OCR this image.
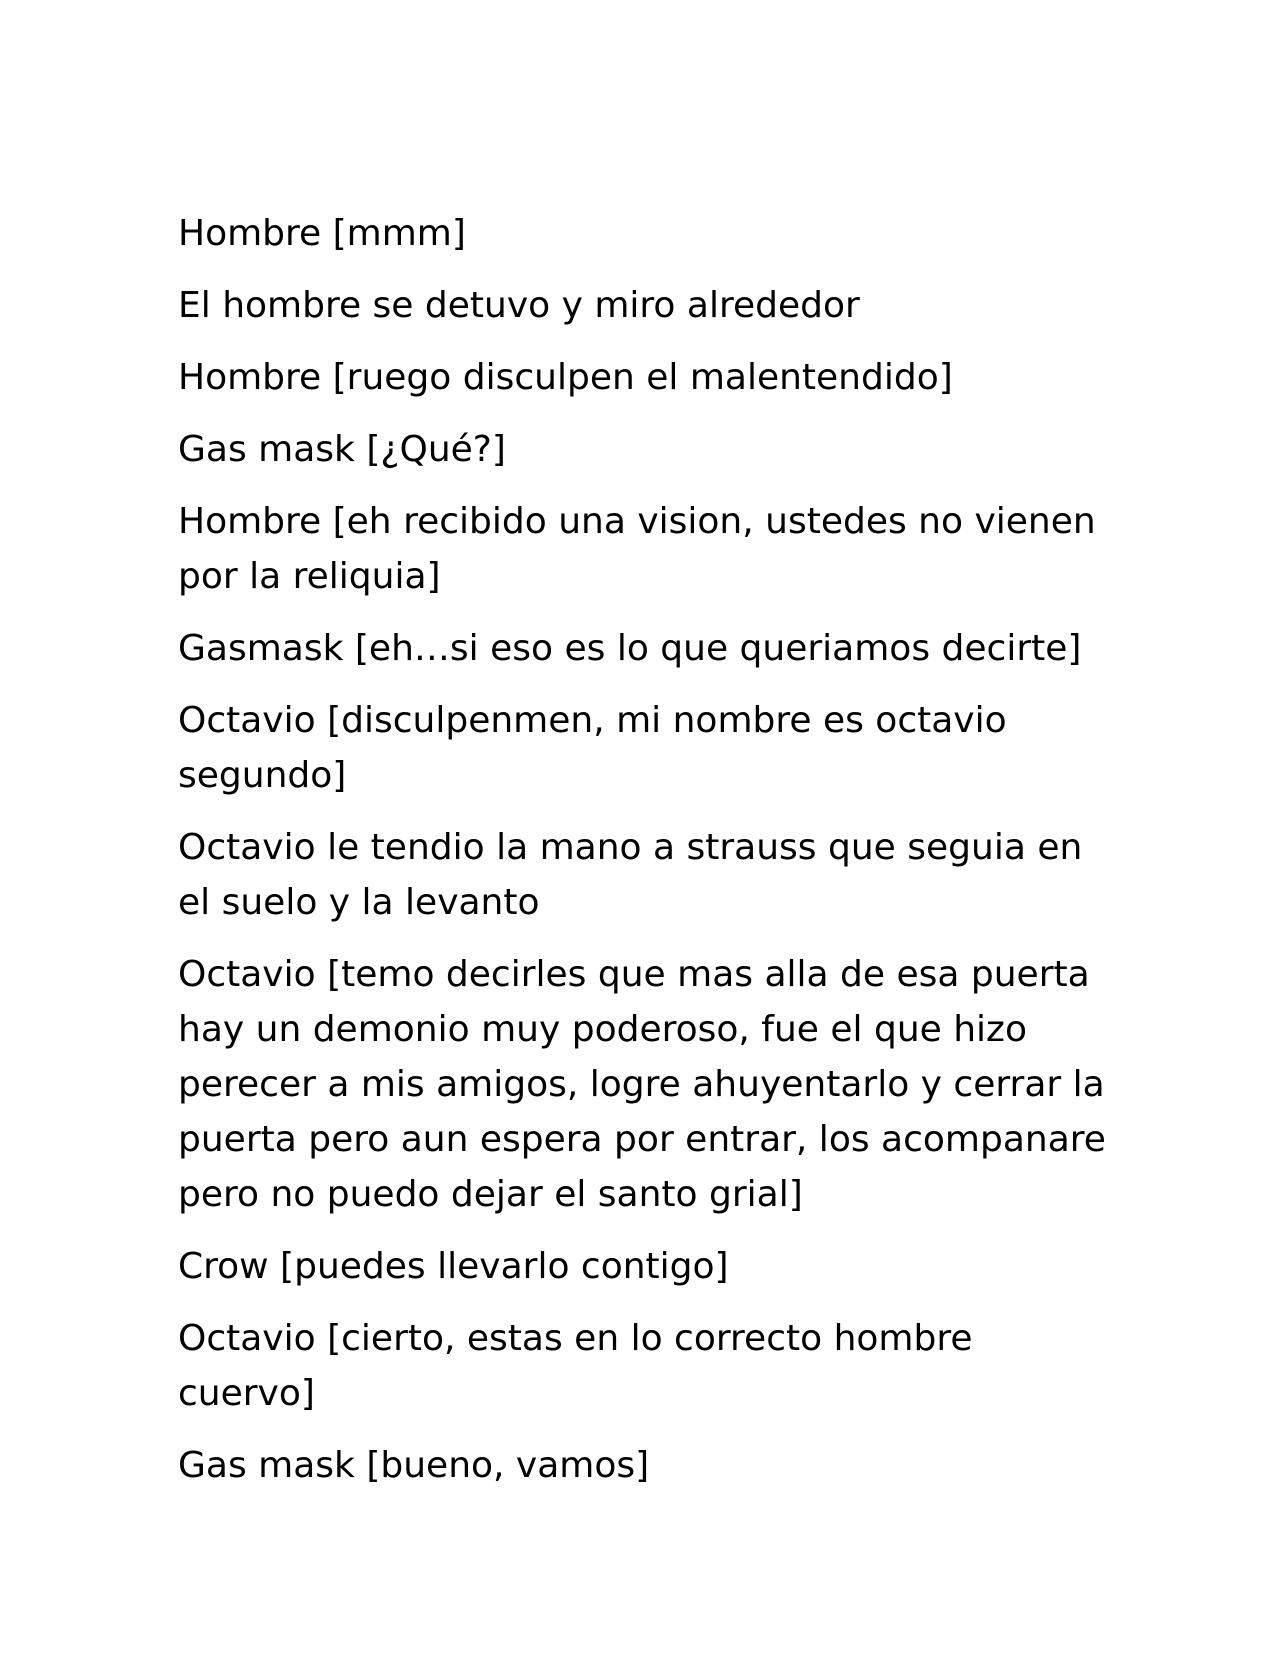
Hombre [mmm]

El hombre se detuvo y miro alrededor

Hombre [ruego disculpen el malentendido]

Gas mask [¿Qué?]

Hombre [eh recibido una vision, ustedes no vienen por la reliquia]

Gasmask [eh…si eso es lo que queriamos decirte]

Octavio [disculpenmen, mi nombre es octavio segundo]

Octavio le tendio la mano a strauss que seguia en el suelo y la levanto

Octavio [temo decirles que mas alla de esa puerta hay un demonio muy poderoso, fue el que hizo perecer a mis amigos, logre ahuyentarlo y cerrar la puerta pero aun espera por entrar, los acompanare pero no puedo dejar el santo grial]

Crow [puedes llevarlo contigo]

Octavio [cierto, estas en lo correcto hombre cuervo]

Gas mask [bueno, vamos]
